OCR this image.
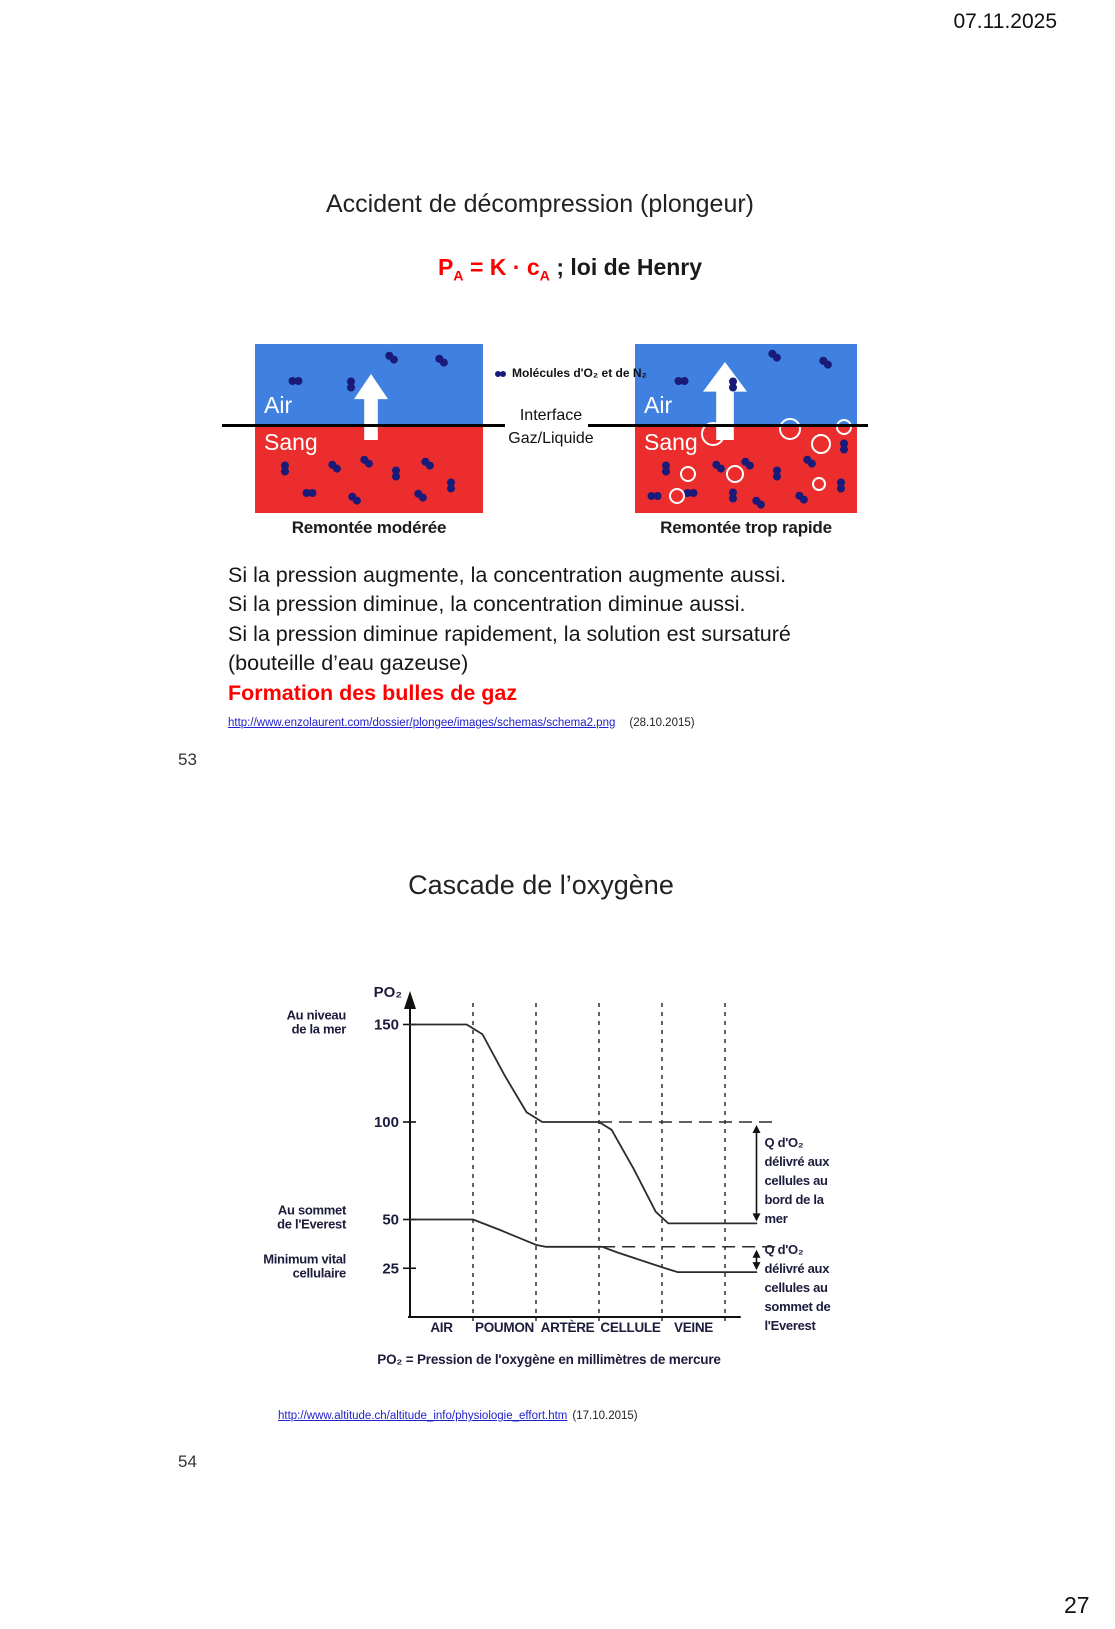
07.11.2025
Accident de décompression (plongeur)
$P_A = K \cdot c_A$ ; loi de Henry
Air
Sang
Air
Sang
Molécules d'O₂ et de N₂
Interface
Gaz/Liquide
Remontée modérée	Remontée trop rapide
Si la pression augmente, la concentration augmente aussi.
Si la pression diminue, la concentration diminue aussi.
Si la pression diminue rapidement, la solution est sursaturé
(bouteille d’eau gazeuse)
Formation des bulles de gaz
http://www.enzolaurent.com/dossier/plongee/images/schemas/schema2.png (28.10.2015)
53
Cascade de l’oxygène
AIR POUMON ARTÈRE CELLULE VEINE
PO₂
150
100
50
25
Au niveau
de la mer
Au sommet
de l'Everest
Minimum vital
cellulaire
Q d'O₂
délivré aux
cellules au
bord de la
mer
Q d'O₂
délivré aux
cellules au
sommet de
l'Everest
PO₂ = Pression de l'oxygène en millimètres de mercure
http://www.altitude.ch/altitude_info/physiologie_effort.htm (17.10.2015)
54
27
